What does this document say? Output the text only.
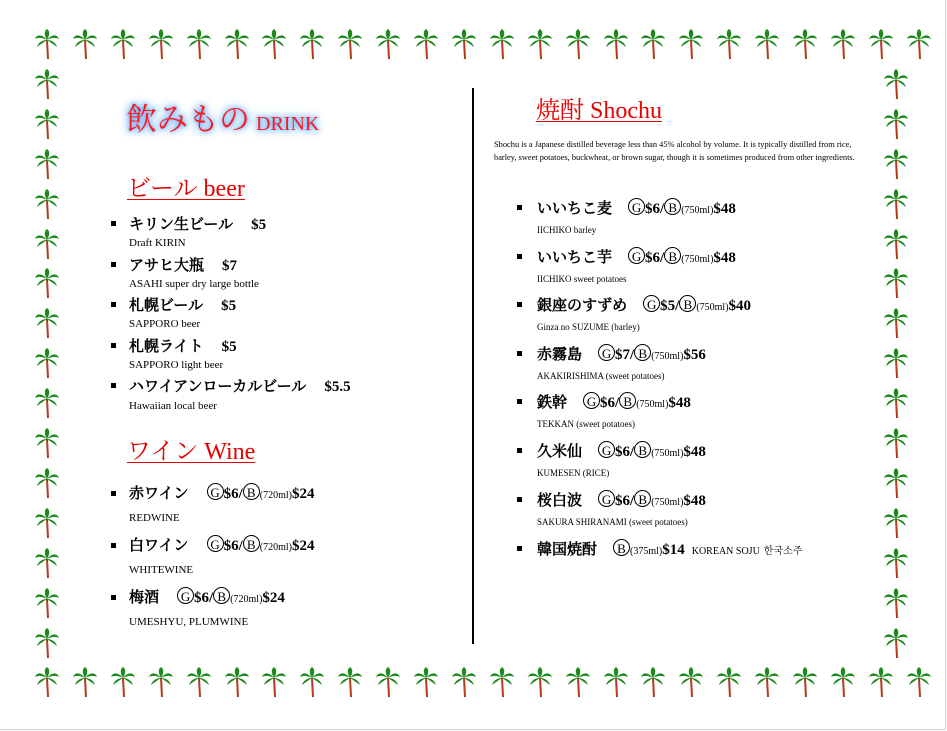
飲みもの DRINK
ビール beer
キリン生ビール $5
Draft KIRIN
アサヒ大瓶 $7
ASAHI super dry large bottle
札幌ビール $5
SAPPORO beer
札幌ライト $5
SAPPORO light beer
ハワイアンローカルビール $5.5
Hawaiian local beer
ワイン Wine
赤ワイン G $6/ B (720ml)$24
REDWINE
白ワイン G $6/ B (720ml)$24
WHITEWINE
梅酒 G $6/ B (720ml)$24
UMESHYU, PLUMWINE
焼酎 Shochu
Shochu is a Japanese distilled beverage less than 45% alcohol by volume. It is typically distilled from rice, barley, sweet potatoes, buckwheat, or brown sugar, though it is sometimes produced from other ingredients.
いいちこ麦 G $6/ B (750ml)$48
IICHIKO barley
いいちこ芋 G $6/ B (750ml)$48
IICHIKO sweet potatoes
銀座のすずめ G $5/ B (750ml)$40
Ginza no SUZUME (barley)
赤霧島 G $7/ B (750ml)$56
AKAKIRISHIMA (sweet potatoes)
鉄幹 G $6/ B (750ml)$48
TEKKAN (sweet potatoes)
久米仙 G $6/ B (750ml)$48
KUMESEN (RICE)
桜白波 G $6/ B (750ml)$48
SAKURA SHIRANAMI (sweet potatoes)
韓国焼酎 B (375ml)$14 KOREAN SOJU 한국소주
